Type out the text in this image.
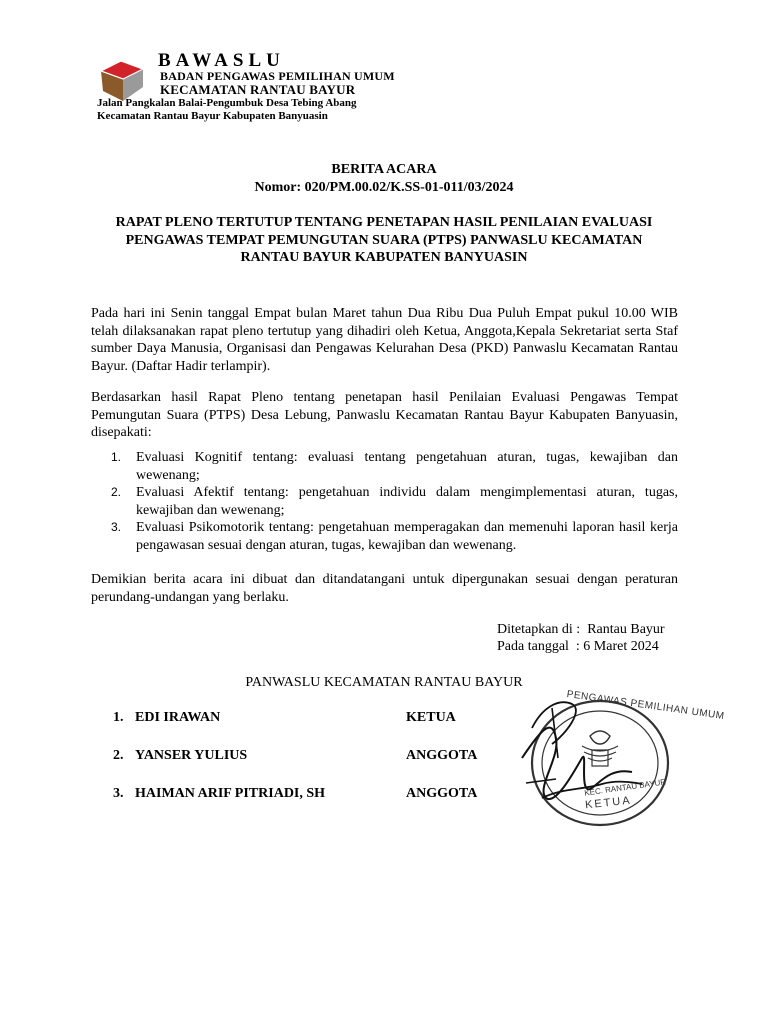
BAWASLU
BADAN PENGAWAS PEMILIHAN UMUM
KECAMATAN RANTAU BAYUR
Jalan Pangkalan Balai-Pengumbuk Desa Tebing Abang
Kecamatan Rantau Bayur Kabupaten Banyuasin
BERITA ACARA
Nomor: 020/PM.00.02/K.SS-01-011/03/2024
RAPAT PLENO TERTUTUP TENTANG PENETAPAN HASIL PENILAIAN EVALUASI PENGAWAS TEMPAT PEMUNGUTAN SUARA (PTPS) PANWASLU KECAMATAN RANTAU BAYUR KABUPATEN BANYUASIN
Pada hari ini Senin tanggal Empat bulan Maret tahun Dua Ribu Dua Puluh Empat pukul 10.00 WIB telah dilaksanakan rapat pleno tertutup yang dihadiri oleh Ketua, Anggota,Kepala Sekretariat serta Staf sumber Daya Manusia, Organisasi dan Pengawas Kelurahan Desa (PKD) Panwaslu Kecamatan Rantau Bayur. (Daftar Hadir terlampir).
Berdasarkan hasil Rapat Pleno tentang penetapan hasil Penilaian Evaluasi Pengawas Tempat Pemungutan Suara (PTPS) Desa Lebung, Panwaslu Kecamatan Rantau Bayur Kabupaten Banyuasin, disepakati:
1. Evaluasi Kognitif tentang: evaluasi tentang pengetahuan aturan, tugas, kewajiban dan wewenang;
2. Evaluasi Afektif tentang: pengetahuan individu dalam mengimplementasi aturan, tugas, kewajiban dan wewenang;
3. Evaluasi Psikomotorik tentang: pengetahuan memperagakan dan memenuhi laporan hasil kerja pengawasan sesuai dengan aturan, tugas, kewajiban dan wewenang.
Demikian berita acara ini dibuat dan ditandatangani untuk dipergunakan sesuai dengan peraturan perundang-undangan yang berlaku.
Ditetapkan di :  Rantau Bayur
Pada tanggal  : 6 Maret 2024
PANWASLU KECAMATAN RANTAU BAYUR
1. EDI IRAWAN	KETUA
2. YANSER YULIUS	ANGGOTA
3. HAIMAN ARIF PITRIADI, SH	ANGGOTA
PENGAWAS PEMILIHAN UMUM
KEC. RANTAU BAYUR
KETUA
